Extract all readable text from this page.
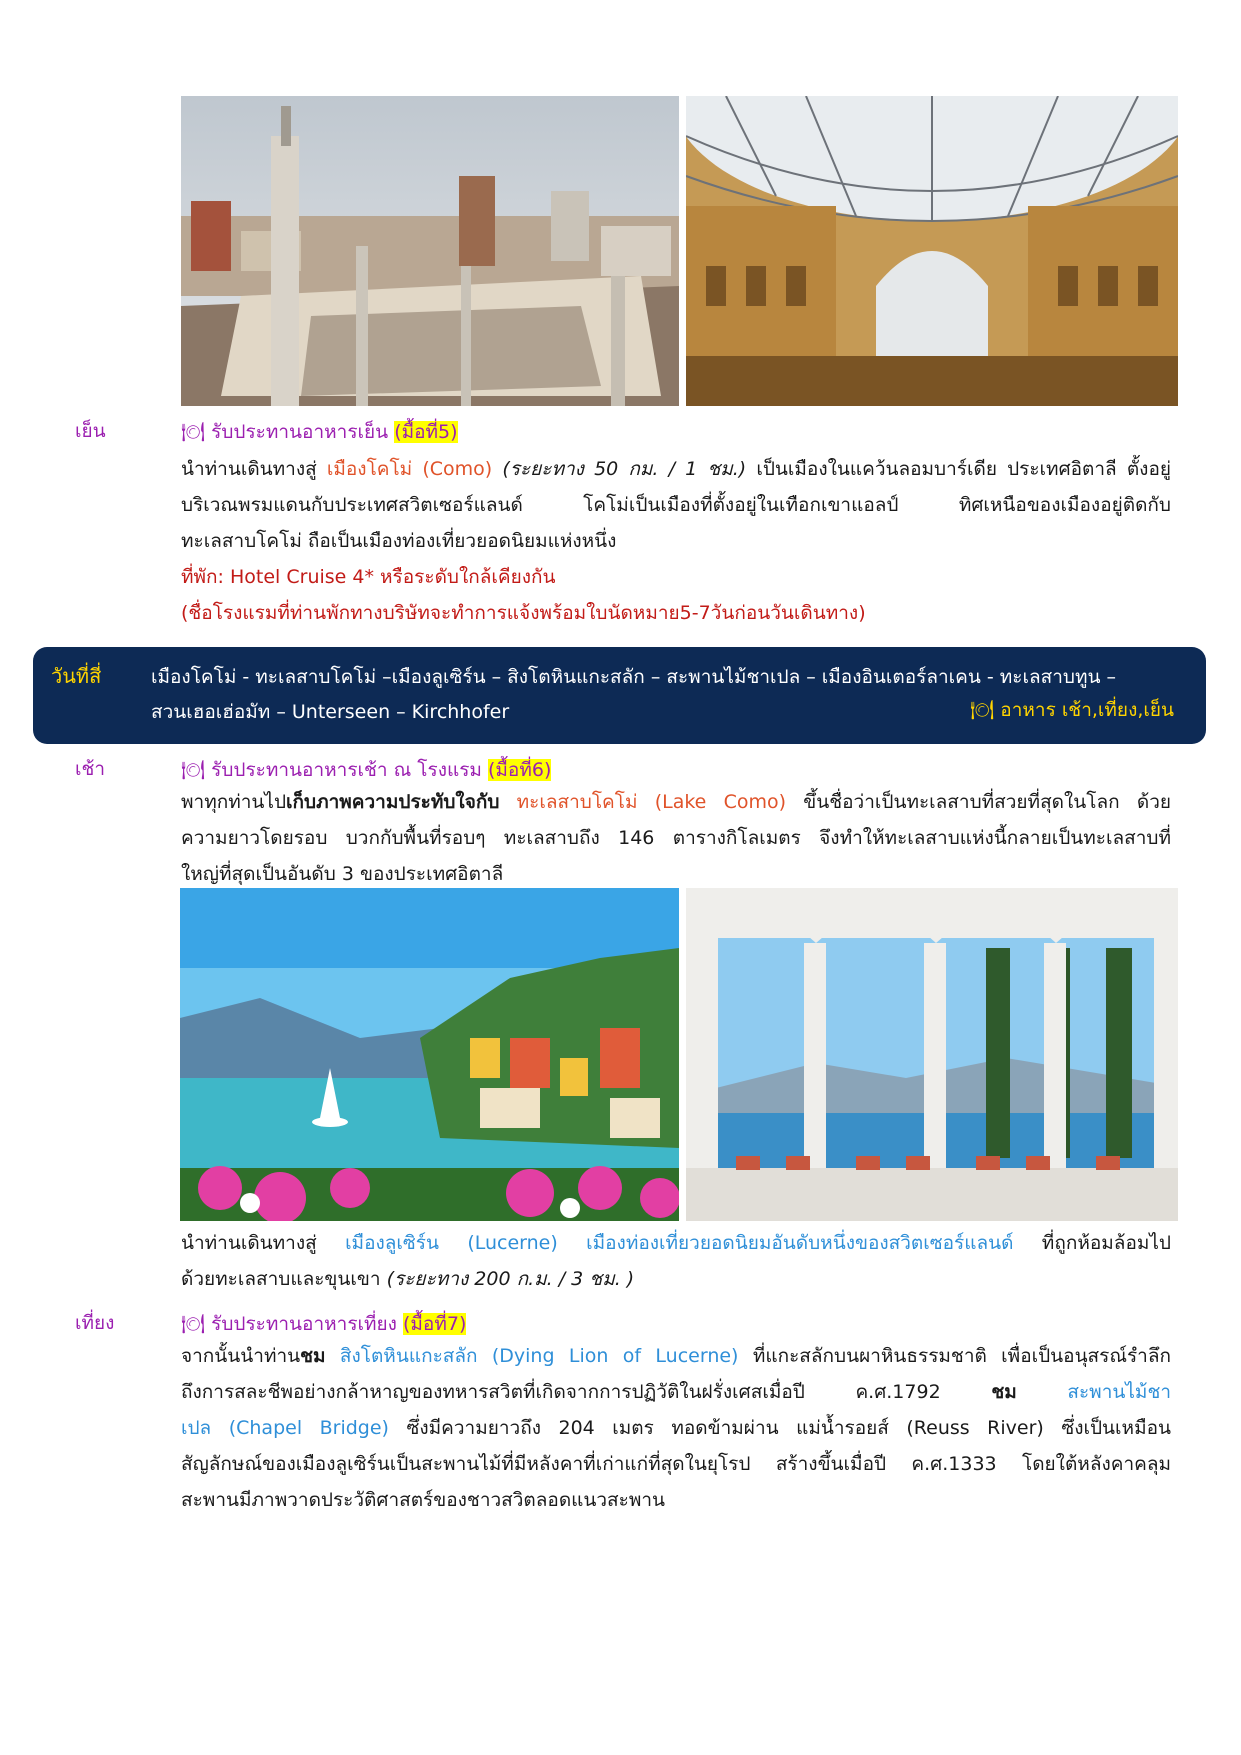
เย็น	🍽 รับประทานอาหารเย็น (มื้อที่5)
นำท่านเดินทางสู่ เมืองโคโม่ (Como) (ระยะทาง 50 กม. / 1 ชม.) เป็นเมืองในแคว้นลอมบาร์เดีย ประเทศอิตาลี ตั้งอยู่
บริเวณพรมแดนกับประเทศสวิตเซอร์แลนด์ โคโม่เป็นเมืองที่ตั้งอยู่ในเทือกเขาแอลป์ ทิศเหนือของเมืองอยู่ติดกับ
ทะเลสาบโคโม่ ถือเป็นเมืองท่องเที่ยวยอดนิยมแห่งหนึ่ง
ที่พัก: Hotel Cruise 4* หรือระดับใกล้เคียงกัน
(ชื่อโรงแรมที่ท่านพักทางบริษัทจะทำการแจ้งพร้อมใบนัดหมาย5-7วันก่อนวันเดินทาง)
วันที่สี่	เมืองโคโม่ - ทะเลสาบโคโม่ –เมืองลูเซิร์น – สิงโตหินแกะสลัก – สะพานไม้ชาเปล – เมืองอินเตอร์ลาเคน - ทะเลสาบทูน –
สวนเฮอเฮ่อมัท – Unterseen – Kirchhofer	🍽 อาหาร เช้า,เที่ยง,เย็น
เช้า	🍽 รับประทานอาหารเช้า ณ โรงแรม (มื้อที่6)
พาทุกท่านไปเก็บภาพความประทับใจกับ ทะเลสาบโคโม่ (Lake Como) ขึ้นชื่อว่าเป็นทะเลสาบที่สวยที่สุดในโลก ด้วย
ความยาวโดยรอบ บวกกับพื้นที่รอบๆ ทะเลสาบถึง 146 ตารางกิโลเมตร จึงทำให้ทะเลสาบแห่งนี้กลายเป็นทะเลสาบที่
ใหญ่ที่สุดเป็นอันดับ 3 ของประเทศอิตาลี
นำท่านเดินทางสู่ เมืองลูเซิร์น (Lucerne) เมืองท่องเที่ยวยอดนิยมอันดับหนึ่งของสวิตเซอร์แลนด์ ที่ถูกห้อมล้อมไป
ด้วยทะเลสาบและขุนเขา (ระยะทาง 200 ก.ม. / 3 ชม. )
เที่ยง	🍽 รับประทานอาหารเที่ยง (มื้อที่7)
จากนั้นนำท่านชม สิงโตหินแกะสลัก (Dying Lion of Lucerne) ที่แกะสลักบนผาหินธรรมชาติ เพื่อเป็นอนุสรณ์รำลึก
ถึงการสละชีพอย่างกล้าหาญของทหารสวิตที่เกิดจากการปฏิวัติในฝรั่งเศสเมื่อปี ค.ศ.1792 ชม สะพานไม้ชา
เปล (Chapel Bridge) ซึ่งมีความยาวถึง 204 เมตร ทอดข้ามผ่าน แม่น้ำรอยส์ (Reuss River) ซึ่งเป็นเหมือน
สัญลักษณ์ของเมืองลูเซิร์นเป็นสะพานไม้ที่มีหลังคาที่เก่าแก่ที่สุดในยุโรป สร้างขึ้นเมื่อปี ค.ศ.1333 โดยใต้หลังคาคลุม
สะพานมีภาพวาดประวัติศาสตร์ของชาวสวิตลอดแนวสะพาน
